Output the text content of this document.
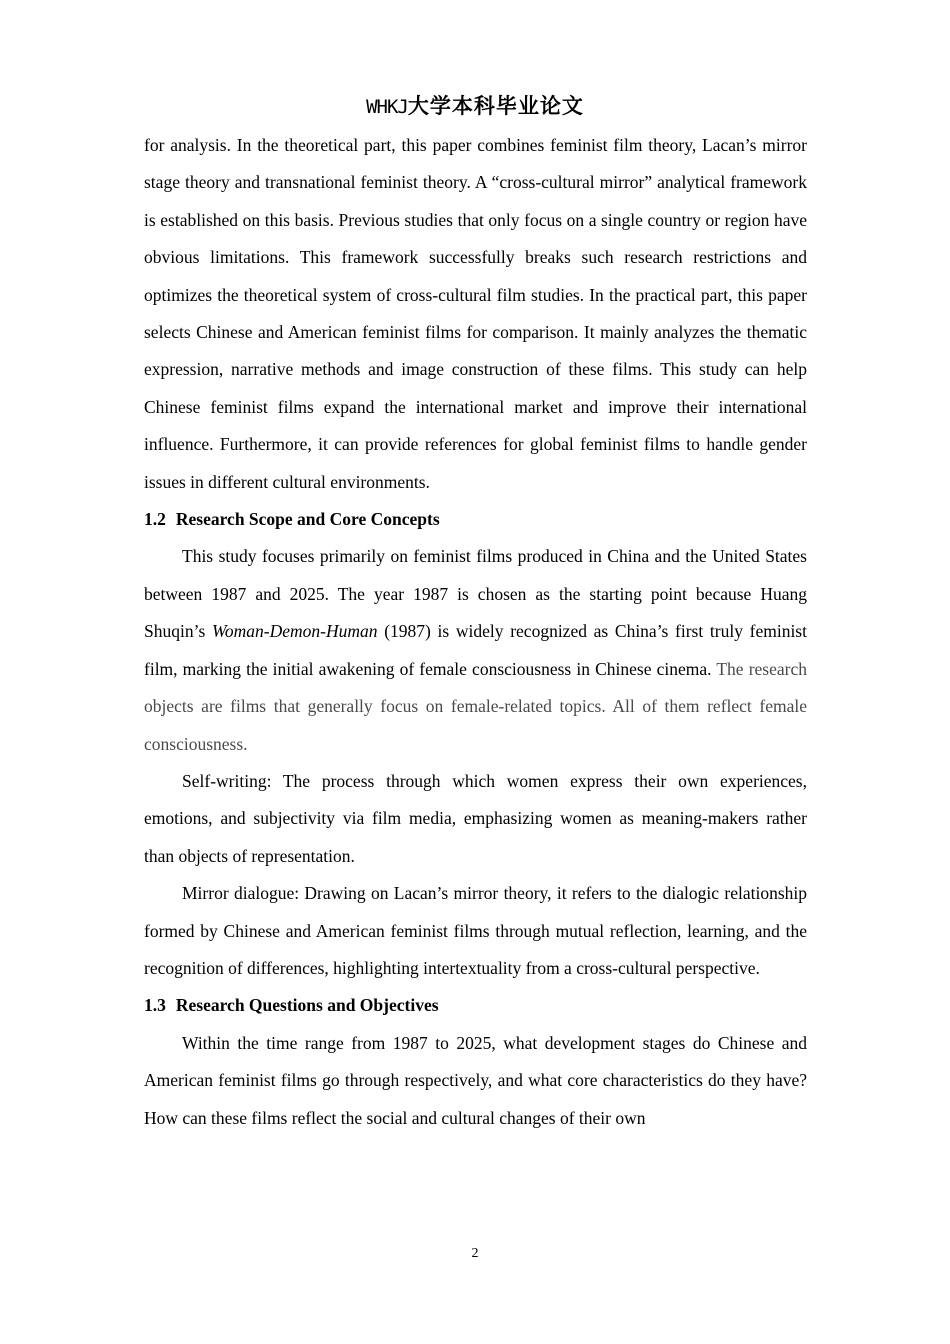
WHKJ大学本科毕业论文

for analysis. In the theoretical part, this paper combines feminist film theory, Lacan’s mirror stage theory and transnational feminist theory. A “cross-cultural mirror” analytical framework is established on this basis. Previous studies that only focus on a single country or region have obvious limitations. This framework successfully breaks such research restrictions and optimizes the theoretical system of cross-cultural film studies. In the practical part, this paper selects Chinese and American feminist films for comparison. It mainly analyzes the thematic expression, narrative methods and image construction of these films. This study can help Chinese feminist films expand the international market and improve their international influence. Furthermore, it can provide references for global feminist films to handle gender issues in different cultural environments.

1.2 Research Scope and Core Concepts

This study focuses primarily on feminist films produced in China and the United States between 1987 and 2025. The year 1987 is chosen as the starting point because Huang Shuqin’s Woman-Demon-Human (1987) is widely recognized as China’s first truly feminist film, marking the initial awakening of female consciousness in Chinese cinema. The research objects are films that generally focus on female-related topics. All of them reflect female consciousness.

Self-writing: The process through which women express their own experiences, emotions, and subjectivity via film media, emphasizing women as meaning-makers rather than objects of representation.

Mirror dialogue: Drawing on Lacan’s mirror theory, it refers to the dialogic relationship formed by Chinese and American feminist films through mutual reflection, learning, and the recognition of differences, highlighting intertextuality from a cross-cultural perspective.

1.3 Research Questions and Objectives

Within the time range from 1987 to 2025, what development stages do Chinese and American feminist films go through respectively, and what core characteristics do they have? How can these films reflect the social and cultural changes of their own

2
